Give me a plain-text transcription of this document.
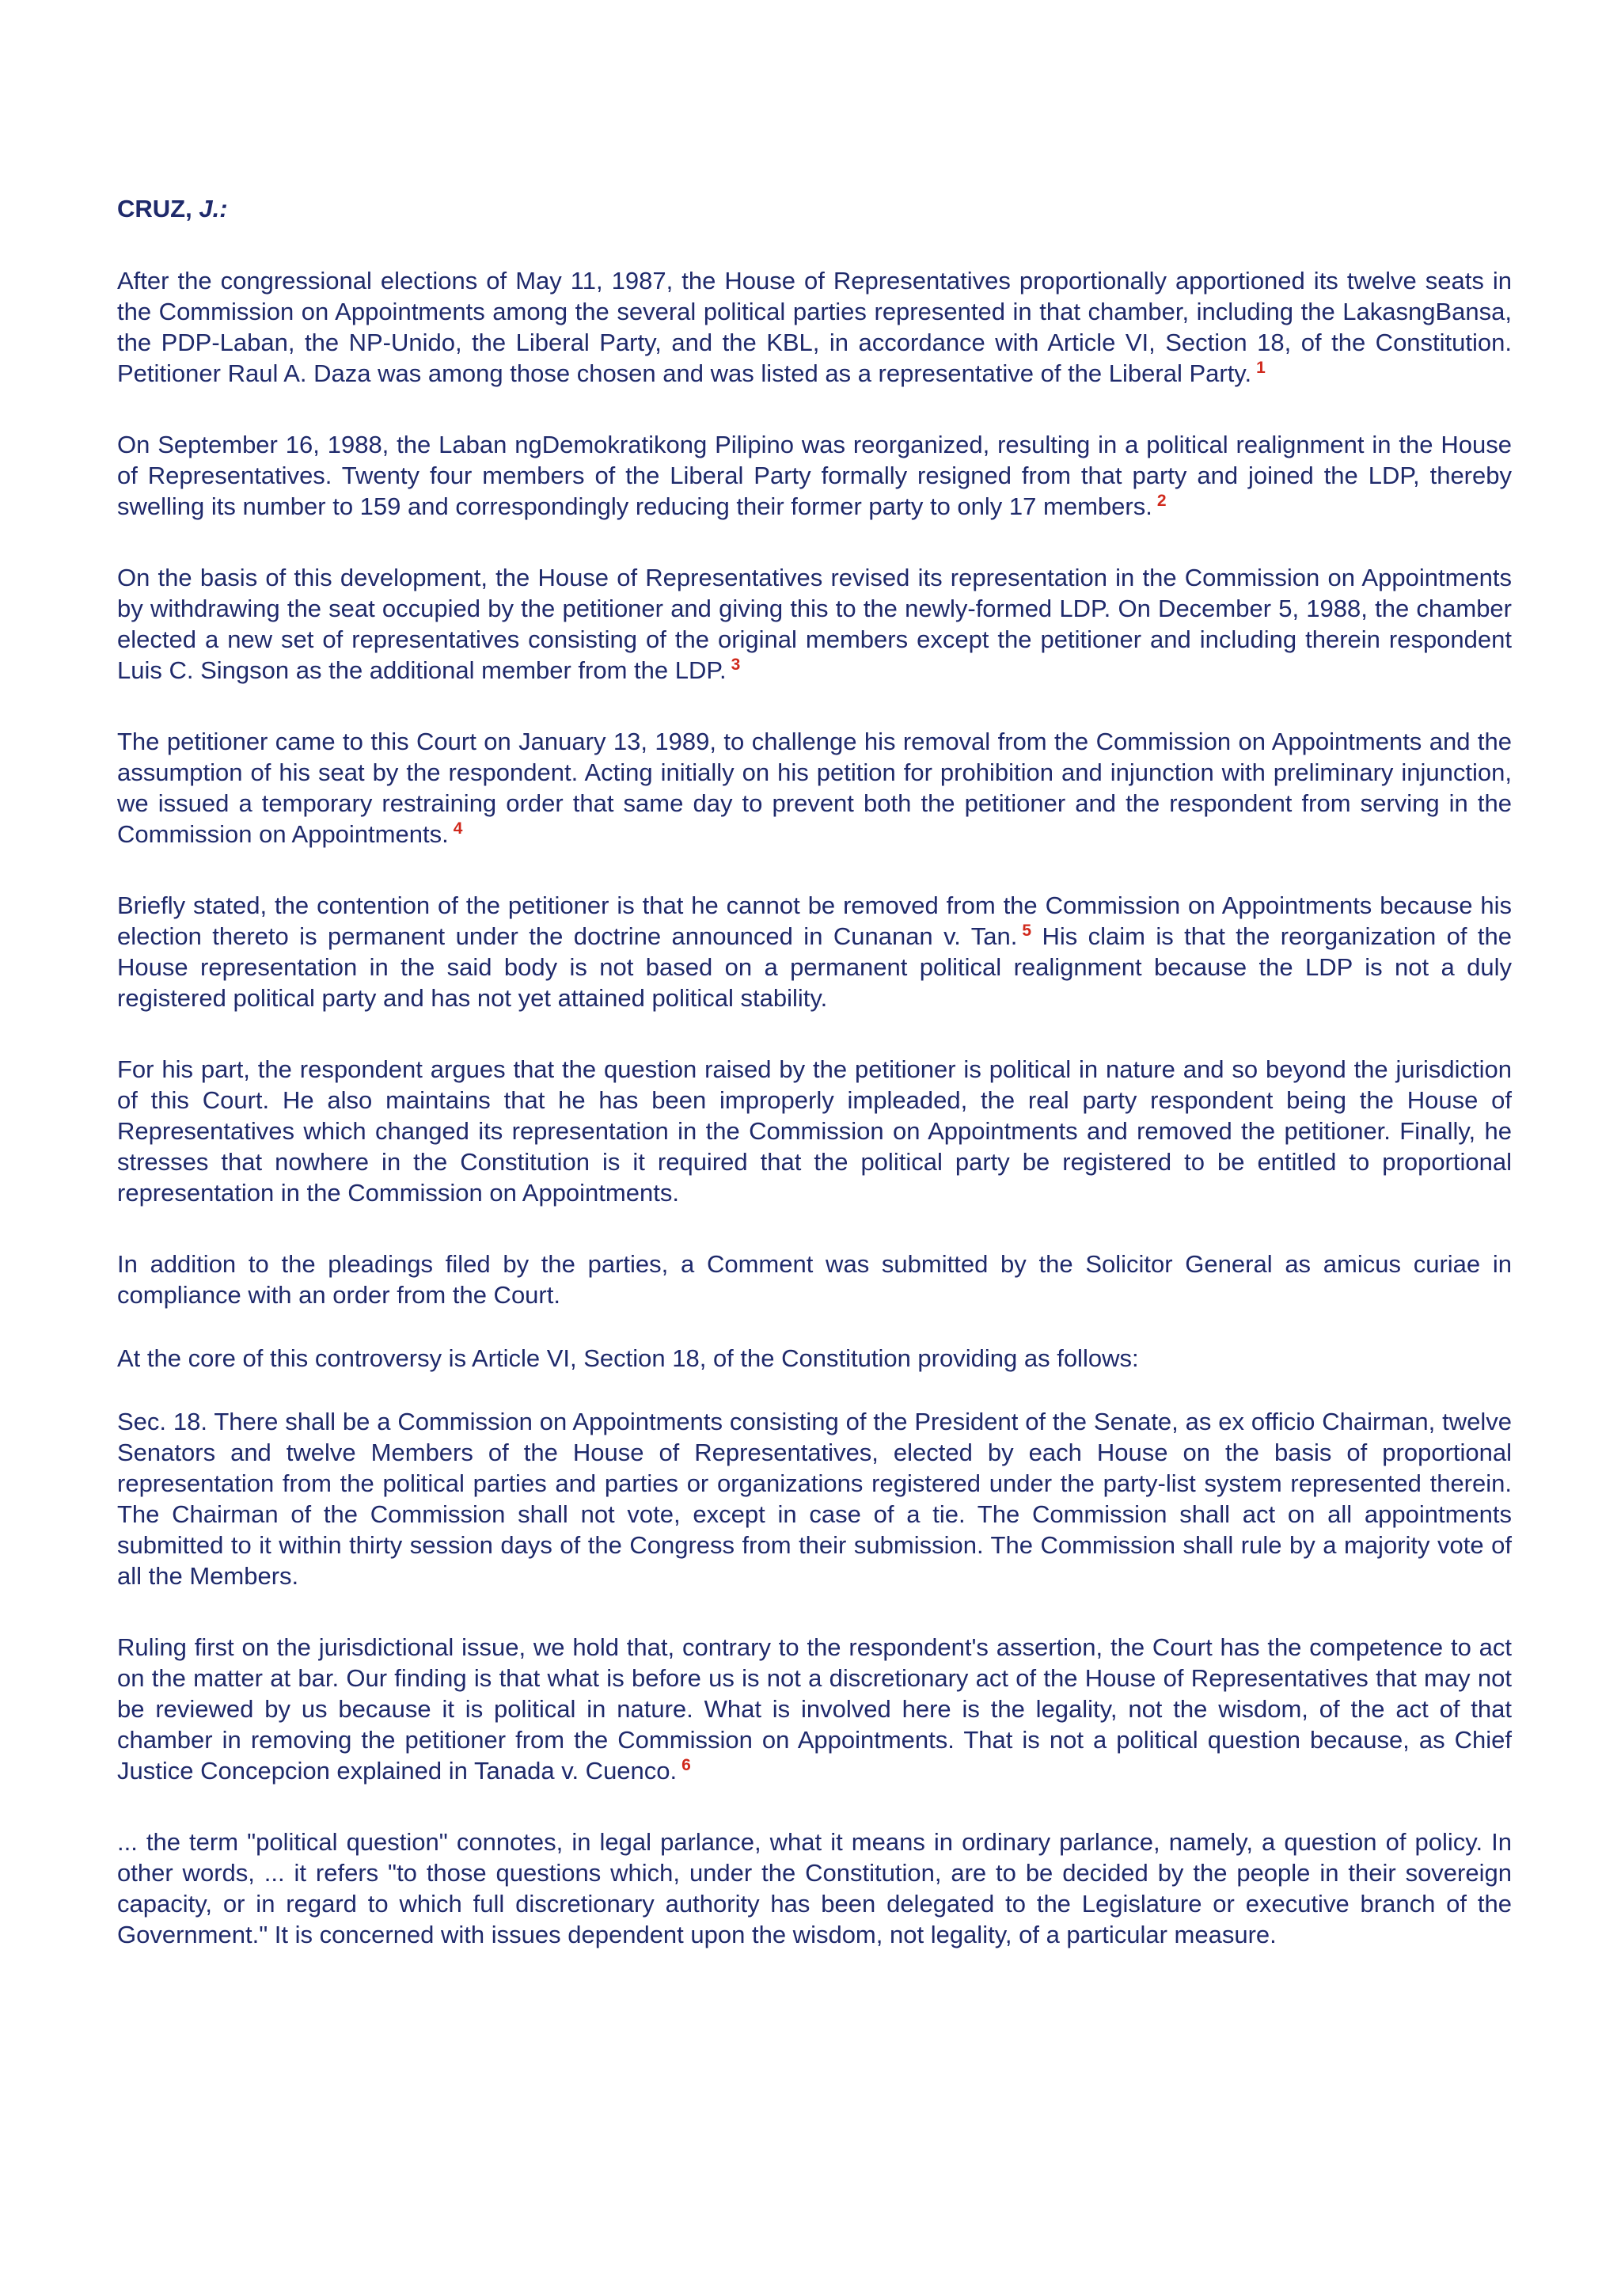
CRUZ, J.:

After the congressional elections of May 11, 1987, the House of Representatives proportionally apportioned its twelve seats in the Commission on Appointments among the several political parties represented in that chamber, including the LakasngBansa, the PDP-Laban, the NP-Unido, the Liberal Party, and the KBL, in accordance with Article VI, Section 18, of the Constitution. Petitioner Raul A. Daza was among those chosen and was listed as a representative of the Liberal Party. $^1$

On September 16, 1988, the Laban ngDemokratikong Pilipino was reorganized, resulting in a political realignment in the House of Representatives. Twenty four members of the Liberal Party formally resigned from that party and joined the LDP, thereby swelling its number to 159 and correspondingly reducing their former party to only 17 members. $^2$

On the basis of this development, the House of Representatives revised its representation in the Commission on Appointments by withdrawing the seat occupied by the petitioner and giving this to the newly-formed LDP. On December 5, 1988, the chamber elected a new set of representatives consisting of the original members except the petitioner and including therein respondent Luis C. Singson as the additional member from the LDP. $^3$

The petitioner came to this Court on January 13, 1989, to challenge his removal from the Commission on Appointments and the assumption of his seat by the respondent. Acting initially on his petition for prohibition and injunction with preliminary injunction, we issued a temporary restraining order that same day to prevent both the petitioner and the respondent from serving in the Commission on Appointments. $^4$

Briefly stated, the contention of the petitioner is that he cannot be removed from the Commission on Appointments because his election thereto is permanent under the doctrine announced in Cunanan v. Tan. $^5$ His claim is that the reorganization of the House representation in the said body is not based on a permanent political realignment because the LDP is not a duly registered political party and has not yet attained political stability.

For his part, the respondent argues that the question raised by the petitioner is political in nature and so beyond the jurisdiction of this Court. He also maintains that he has been improperly impleaded, the real party respondent being the House of Representatives which changed its representation in the Commission on Appointments and removed the petitioner. Finally, he stresses that nowhere in the Constitution is it required that the political party be registered to be entitled to proportional representation in the Commission on Appointments.

In addition to the pleadings filed by the parties, a Comment was submitted by the Solicitor General as amicus curiae in compliance with an order from the Court.

At the core of this controversy is Article VI, Section 18, of the Constitution providing as follows:

Sec. 18. There shall be a Commission on Appointments consisting of the President of the Senate, as ex officio Chairman, twelve Senators and twelve Members of the House of Representatives, elected by each House on the basis of proportional representation from the political parties and parties or organizations registered under the party-list system represented therein. The Chairman of the Commission shall not vote, except in case of a tie. The Commission shall act on all appointments submitted to it within thirty session days of the Congress from their submission. The Commission shall rule by a majority vote of all the Members.

Ruling first on the jurisdictional issue, we hold that, contrary to the respondent's assertion, the Court has the competence to act on the matter at bar. Our finding is that what is before us is not a discretionary act of the House of Representatives that may not be reviewed by us because it is political in nature. What is involved here is the legality, not the wisdom, of the act of that chamber in removing the petitioner from the Commission on Appointments. That is not a political question because, as Chief Justice Concepcion explained in Tanada v. Cuenco. $^6$

... the term "political question" connotes, in legal parlance, what it means in ordinary parlance, namely, a question of policy. In other words, ... it refers "to those questions which, under the Constitution, are to be decided by the people in their sovereign capacity, or in regard to which full discretionary authority has been delegated to the Legislature or executive branch of the Government." It is concerned with issues dependent upon the wisdom, not legality, of a particular measure.
